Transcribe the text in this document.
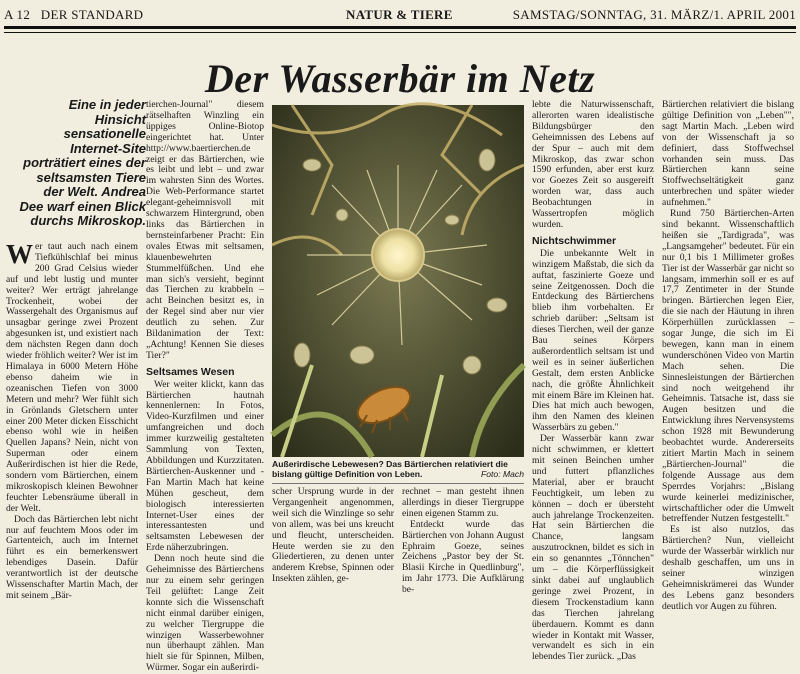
A 12 DER STANDARD	NATUR & TIERE	SAMSTAG/SONNTAG, 31. MÄRZ/1. APRIL 2001
Der Wasserbär im Netz
Eine in jeder Hinsicht sensationelle Internet-Site porträtiert eines der seltsamsten Tiere der Welt. Andrea Dee warf einen Blick durchs Mikroskop.

Wer taut auch nach einem Tiefkühlschlaf bei minus 200 Grad Celsius wieder auf und lebt lustig und munter weiter? Wer erträgt jahrelange Trockenheit, wobei der Wassergehalt des Organismus auf unsagbar geringe zwei Prozent abgesunken ist, und existiert nach dem nächsten Regen dann doch wieder fröhlich weiter? Wer ist im Himalaya in 6000 Metern Höhe ebenso daheim wie in ozeanischen Tiefen von 3000 Metern und mehr? Wer fühlt sich in Grönlands Gletschern unter einer 200 Meter dicken Eisschicht ebenso wohl wie in heißen Quellen Japans? Nein, nicht von Superman oder einem Außerirdischen ist hier die Rede, sondern vom Bärtierchen, einem mikroskopisch kleinen Bewohner feuchter Lebensräume überall in der Welt.

Doch das Bärtierchen lebt nicht nur auf feuchtem Moos oder im Gartenteich, auch im Internet führt es ein bemerkenswert lebendiges Dasein. Dafür verantwortlich ist der deutsche Wissenschafter Martin Mach, der mit seinem „Bär-

tierchen-Journal" diesem rätselhaften Winzling ein üppiges Online-Biotop eingerichtet hat. Unter http://www.baertierchen.de zeigt er das Bärtierchen, wie es leibt und lebt – und zwar im wahrsten Sinn des Wortes. Die Web-Performance startet elegant-geheimnisvoll mit schwarzem Hintergrund, oben links das Bärtierchen in bernsteinfarbener Pracht: Ein ovales Etwas mit seltsamen, klauenbewehrten Stummelfüßchen. Und ehe man sich's versieht, beginnt das Tierchen zu krabbeln – acht Beinchen besitzt es, in der Regel sind aber nur vier deutlich zu sehen. Zur Bildanimation der Text: „Achtung! Kennen Sie dieses Tier?"

Seltsames Wesen

Wer weiter klickt, kann das Bärtierchen hautnah kennenlernen: In Fotos, Video-Kurzfilmen und einer umfangreichen und doch immer kurzweilig gestalteten Sammlung von Texten, Abbildungen und Kurzzitaten. Bärtierchen-Auskenner und -Fan Martin Mach hat keine Mühen gescheut, dem biologisch interessierten Internet-User eines der interessantesten und seltsamsten Lebewesen der Erde näherzubringen.

Denn noch heute sind die Geheimnisse des Bärtierchens nur zu einem sehr geringen Teil gelüftet: Lange Zeit konnte sich die Wissenschaft nicht einmal darüber einigen, zu welcher Tiergruppe die winzigen Wasserbewohner nun überhaupt zählen. Man hielt sie für Spinnen, Milben, Würmer. Sogar ein außerirdi-

Außerirdische Lebewesen? Das Bärtierchen relativiert die bislang gültige Definition von Leben.	Foto: Mach

scher Ursprung wurde in der Vergangenheit angenommen, weil sich die Winzlinge so sehr von allem, was bei uns kreucht und fleucht, unterscheiden. Heute werden sie zu den Gliedertieren, zu denen unter anderem Krebse, Spinnen oder Insekten zählen, ge-

rechnet – man gesteht ihnen allerdings in dieser Tiergruppe einen eigenen Stamm zu.

Entdeckt wurde das Bärtierchen von Johann August Ephraim Goeze, seines Zeichens „Pastor bey der St. Blasii Kirche in Quedlinburg", im Jahr 1773. Die Aufklärung be-

lebte die Naturwissenschaft, allerorten waren idealistische Bildungsbürger den Geheimnissen des Lebens auf der Spur – auch mit dem Mikroskop, das zwar schon 1590 erfunden, aber erst kurz vor Goezes Zeit so ausgereift worden war, dass auch Beobachtungen in Wassertropfen möglich wurden.

Nichtschwimmer

Die unbekannte Welt in winzigem Maßstab, die sich da auftat, faszinierte Goeze und seine Zeitgenossen. Doch die Entdeckung des Bärtierchens blieb ihm vorbehalten. Er schrieb darüber: „Seltsam ist dieses Tierchen, weil der ganze Bau seines Körpers außerordentlich seltsam ist und weil es in seiner äußerlichen Gestalt, dem ersten Anblicke nach, die größte Ähnlichkeit mit einem Bäre im Kleinen hat. Dies hat mich auch bewogen, ihm den Namen des kleinen Wasserbärs zu geben."

Der Wasserbär kann zwar nicht schwimmen, er klettert mit seinen Beinchen umher und futtert pflanzliches Material, aber er braucht Feuchtigkeit, um leben zu können – doch er übersteht auch jahrelange Trockenzeiten. Hat sein Bärtierchen die Chance, langsam auszutrocknen, bildet es sich in ein so genanntes „Tönnchen" um – die Körperflüssigkeit sinkt dabei auf unglaublich geringe zwei Prozent, in diesem Trockenstadium kann das Tierchen jahrelang überdauern. Kommt es dann wieder in Kontakt mit Wasser, verwandelt es sich in ein lebendes Tier zurück. „Das

Bärtierchen relativiert die bislang gültige Definition von „Leben"", sagt Martin Mach. „Leben wird von der Wissenschaft ja so definiert, dass Stoffwechsel vorhanden sein muss. Das Bärtierchen kann seine Stoffwechseltätigkeit ganz unterbrechen und später wieder aufnehmen."

Rund 750 Bärtierchen-Arten sind bekannt. Wissenschaftlich heißen sie „Tardigrada", was „Langsamgeher" bedeutet. Für ein nur 0,1 bis 1 Millimeter großes Tier ist der Wasserbär gar nicht so langsam, immerhin soll er es auf 17,7 Zentimeter in der Stunde bringen. Bärtierchen legen Eier, die sie nach der Häutung in ihren Körperhüllen zurücklassen – sogar Junge, die sich im Ei bewegen, kann man in einem wunderschönen Video von Martin Mach sehen. Die Sinnesleistungen der Bärtierchen sind noch weitgehend ihr Geheimnis. Tatsache ist, dass sie Augen besitzen und die Entwicklung ihres Nervensystems schon 1928 mit Bewunderung beobachtet wurde. Andererseits zitiert Martin Mach in seinem „Bärtierchen-Journal" die folgende Aussage aus dem Sperrdes Vorjahrs: „Bislang wurde keinerlei medizinischer, wirtschaftlicher oder die Umwelt betreffender Nutzen festgestellt."

Es ist also nutzlos, das Bärtierchen? Nun, vielleicht wurde der Wasserbär wirklich nur deshalb geschaffen, um uns in seiner winzigen Geheimniskrämerei das Wunder des Lebens ganz besonders deutlich vor Augen zu führen.
